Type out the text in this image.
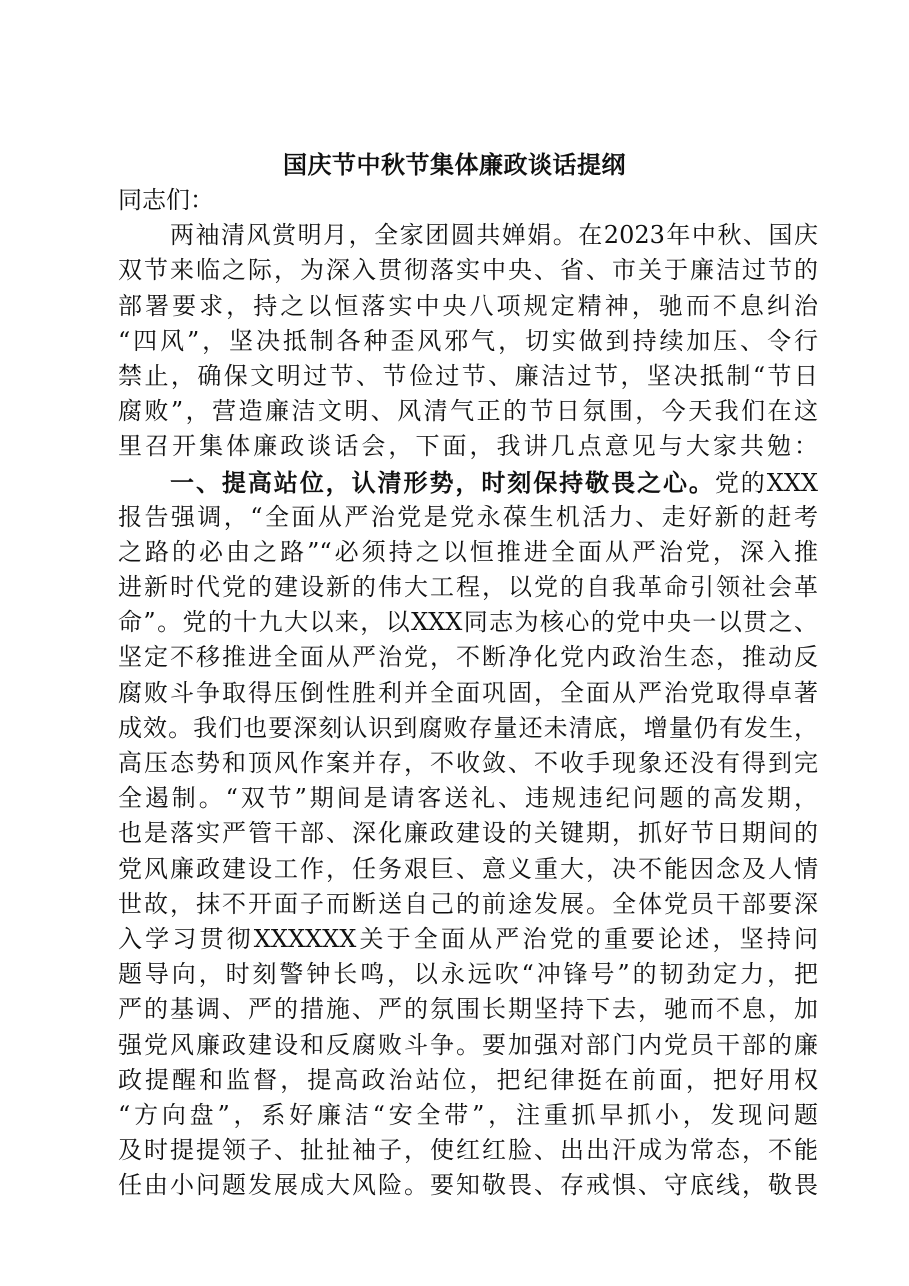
国庆节中秋节集体廉政谈话提纲
同志们：
两袖清风赏明月，全家团圆共婵娟。在2023年中秋、国庆
双节来临之际，为深入贯彻落实中央、省、市关于廉洁过节的
部署要求，持之以恒落实中央八项规定精神，驰而不息纠治
“四风”，坚决抵制各种歪风邪气，切实做到持续加压、令行
禁止，确保文明过节、节俭过节、廉洁过节，坚决抵制“节日
腐败”，营造廉洁文明、风清气正的节日氛围，今天我们在这
里召开集体廉政谈话会，下面，我讲几点意见与大家共勉：
一、提高站位，认清形势，时刻保持敬畏之心。党的XXX
报告强调，“全面从严治党是党永葆生机活力、走好新的赶考
之路的必由之路”“必须持之以恒推进全面从严治党，深入推
进新时代党的建设新的伟大工程，以党的自我革命引领社会革
命”。党的十九大以来，以XXX同志为核心的党中央一以贯之、
坚定不移推进全面从严治党，不断净化党内政治生态，推动反
腐败斗争取得压倒性胜利并全面巩固，全面从严治党取得卓著
成效。我们也要深刻认识到腐败存量还未清底，增量仍有发生，
高压态势和顶风作案并存，不收敛、不收手现象还没有得到完
全遏制。“双节”期间是请客送礼、违规违纪问题的高发期，
也是落实严管干部、深化廉政建设的关键期，抓好节日期间的
党风廉政建设工作，任务艰巨、意义重大，决不能因念及人情
世故，抹不开面子而断送自己的前途发展。全体党员干部要深
入学习贯彻XXXXXX关于全面从严治党的重要论述，坚持问
题导向，时刻警钟长鸣，以永远吹“冲锋号”的韧劲定力，把
严的基调、严的措施、严的氛围长期坚持下去，驰而不息，加
强党风廉政建设和反腐败斗争。要加强对部门内党员干部的廉
政提醒和监督，提高政治站位，把纪律挺在前面，把好用权
“方向盘”，系好廉洁“安全带”，注重抓早抓小，发现问题
及时提提领子、扯扯袖子，使红红脸、出出汗成为常态，不能
任由小问题发展成大风险。要知敬畏、存戒惧、守底线，敬畏
